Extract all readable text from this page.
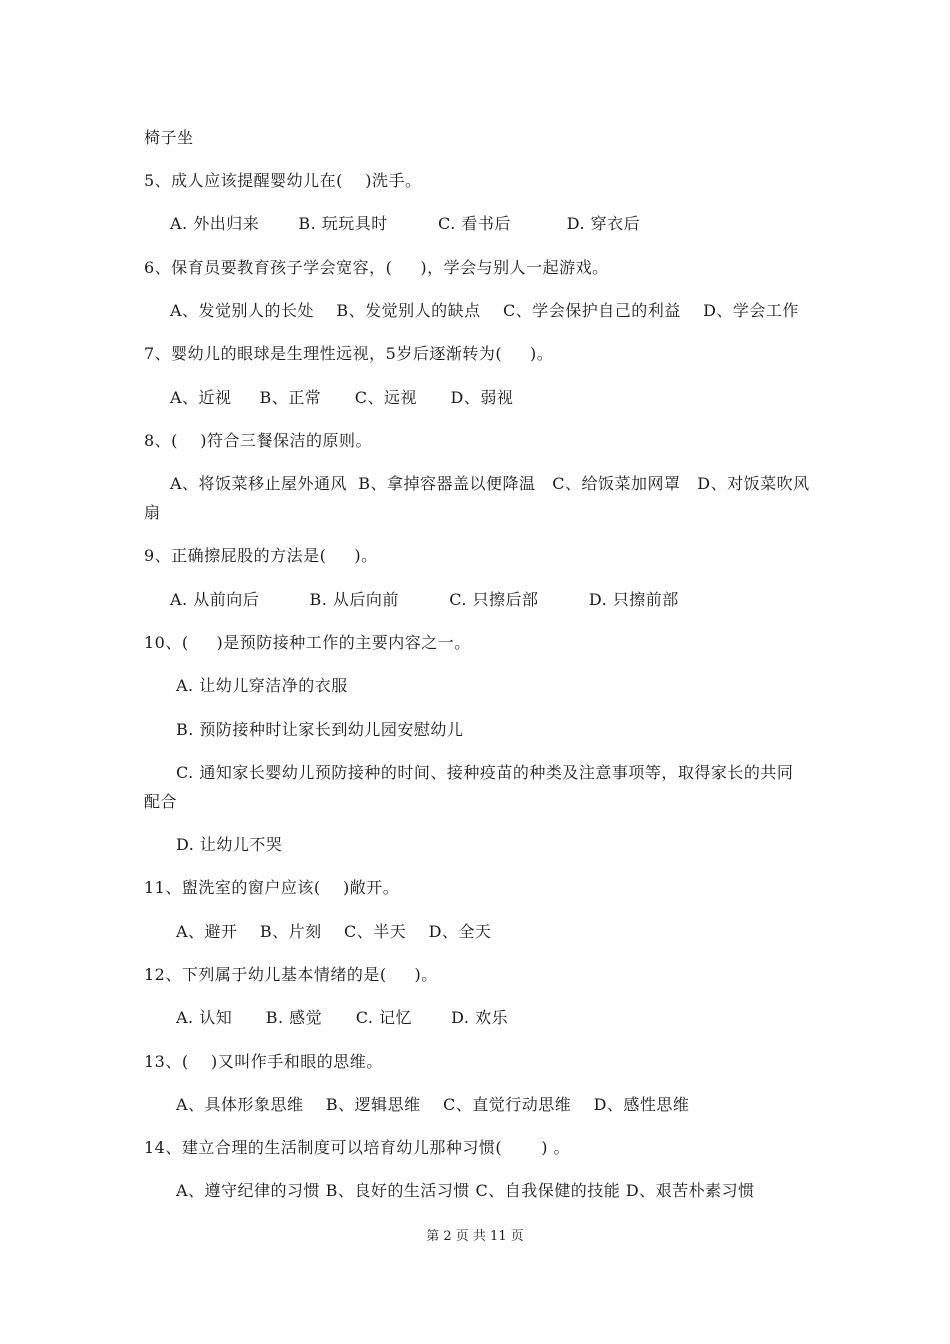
椅子坐
5、成人应该提醒婴幼儿在(    )洗手。
A. 外出归来       B. 玩玩具时         C. 看书后          D. 穿衣后
6、保育员要教育孩子学会宽容，(     )，学会与别人一起游戏。
A、发觉别人的长处    B、发觉别人的缺点    C、学会保护自己的利益    D、学会工作
7、婴幼儿的眼球是生理性远视，5岁后逐渐转为(     )。
A、近视     B、正常      C、远视      D、弱视
8、(    )符合三餐保洁的原则。
A、将饭菜移止屋外通风  B、拿掉容器盖以便降温   C、给饭菜加网罩   D、对饭菜吹风
扇
9、正确擦屁股的方法是(     )。
A. 从前向后         B. 从后向前         C. 只擦后部         D. 只擦前部
10、(     )是预防接种工作的主要内容之一。
A. 让幼儿穿洁净的衣服
B. 预防接种时让家长到幼儿园安慰幼儿
C. 通知家长婴幼儿预防接种的时间、接种疫苗的种类及注意事项等，取得家长的共同
配合
D. 让幼儿不哭
11、盥洗室的窗户应该(    )敞开。
A、避开    B、片刻    C、半天    D、全天
12、下列属于幼儿基本情绪的是(     )。
A. 认知      B. 感觉      C. 记忆       D. 欢乐
13、(    )又叫作手和眼的思维。
A、具体形象思维    B、逻辑思维    C、直觉行动思维    D、感性思维
14、建立合理的生活制度可以培育幼儿那种习惯(       ) 。
A、遵守纪律的习惯 B、良好的生活习惯 C、自我保健的技能 D、艰苦朴素习惯
第 2 页 共 11 页
